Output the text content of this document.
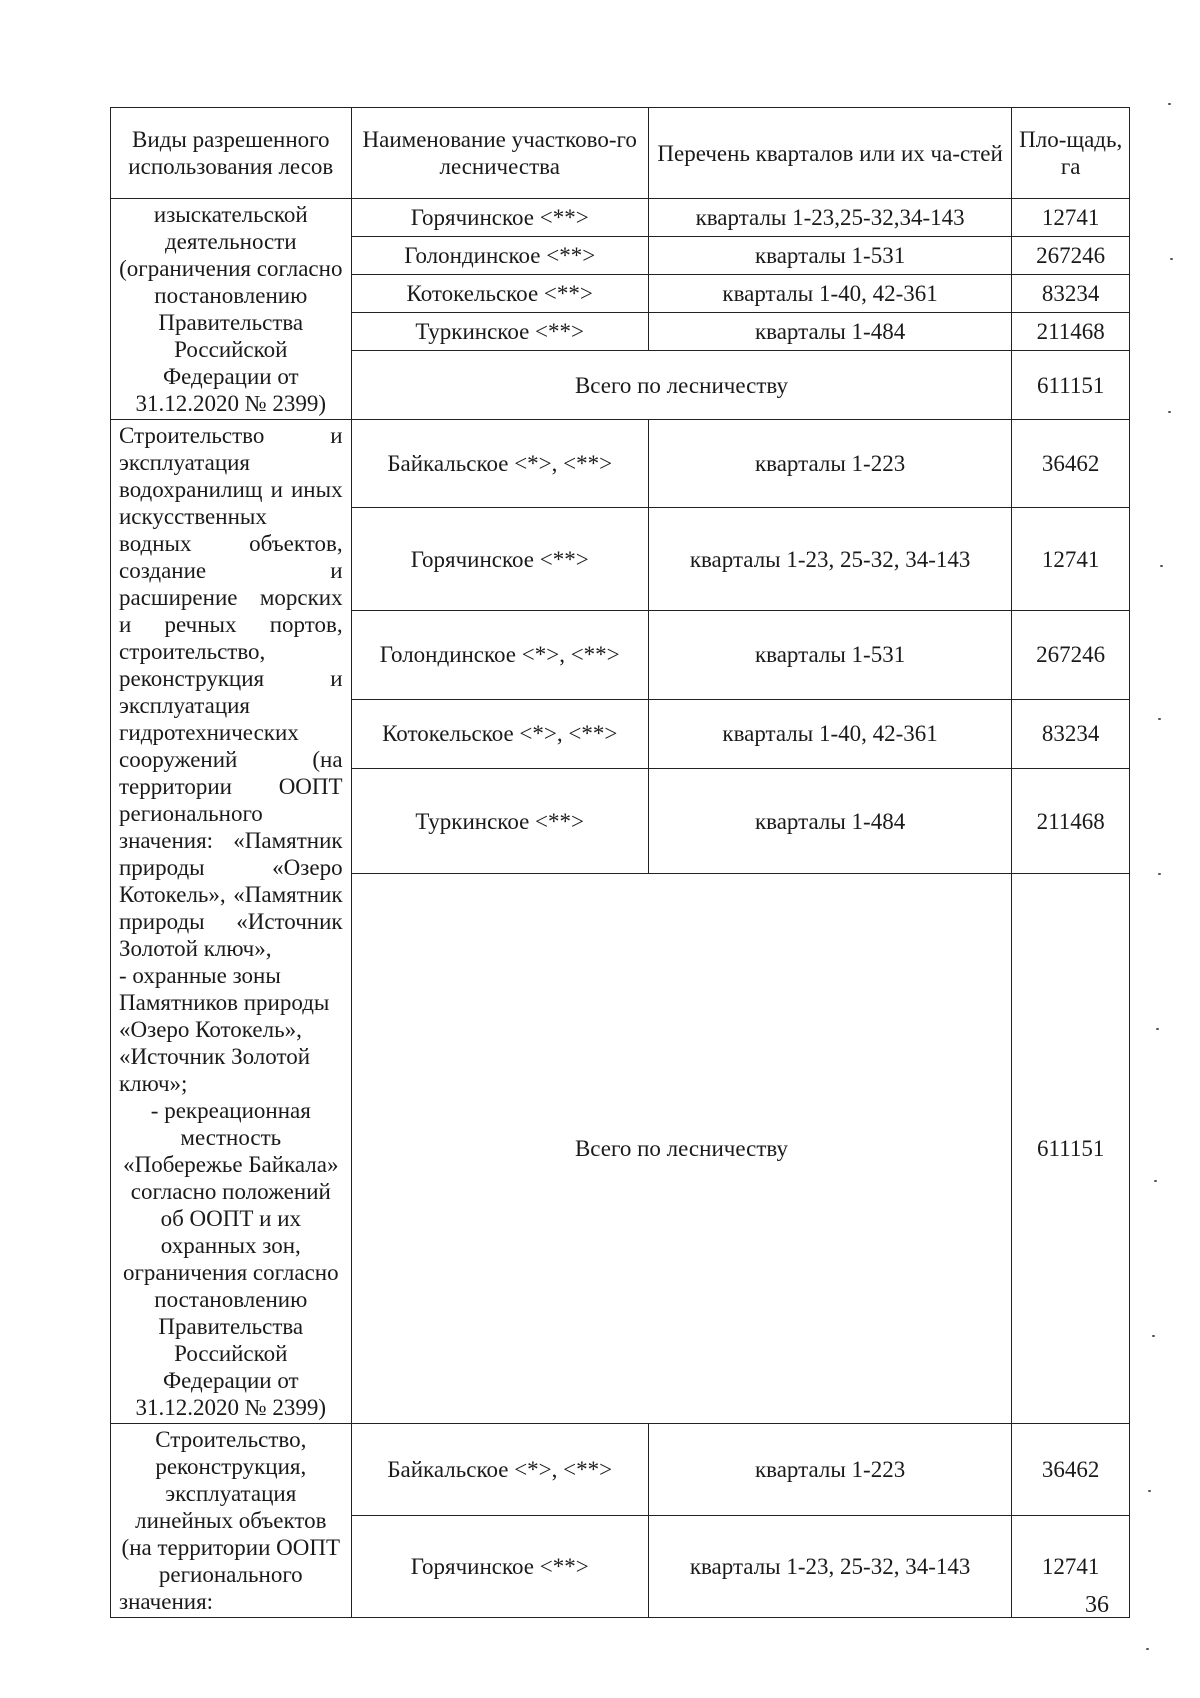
Виды разрешенного использования лесов	Наименование участково-го лесничества	Перечень кварталов или их ча-стей	Пло-щадь, га
изыскательской деятельности (ограничения согласно постановлению Правительства Российской Федерации от 31.12.2020 № 2399)	Горячинское <**>	кварталы 1-23,25-32,34-143	12741
	Голондинское <**>	кварталы 1-531	267246
	Котокельское <**>	кварталы 1-40, 42-361	83234
	Туркинское <**>	кварталы 1-484	211468
	Всего по лесничеству		611151

Строительство и эксплуатация водохранилищ и иных искусственных водных объектов, создание и расширение морских и речных портов, строительство, реконструкция и эксплуатация гидротехнических сооружений (на территории ООПТ регионального значения: «Памятник природы «Озеро Котокель», «Памятник природы «Источник Золотой ключ»,
- охранные зоны Памятников природы «Озеро Котокель», «Источник Золотой ключ»;
- рекреационная местность «Побережье Байкала» согласно положений об ООПТ и их охранных зон, ограничения согласно постановлению Правительства Российской Федерации от 31.12.2020 № 2399)	Байкальское <*>, <**>	кварталы 1-223	36462
	Горячинское <**>	кварталы 1-23, 25-32, 34-143	12741
	Голондинское <*>, <**>	кварталы 1-531	267246
	Котокельское <*>, <**>	кварталы 1-40, 42-361	83234
	Туркинское <**>	кварталы 1-484	211468
	Всего по лесничеству		611151
Строительство, реконструкция, эксплуатация линейных объектов (на территории ООПТ регионального значения:	Байкальское <*>, <**>	кварталы 1-223	36462
	Горячинское <**>	кварталы 1-23, 25-32, 34-143	12741
36
